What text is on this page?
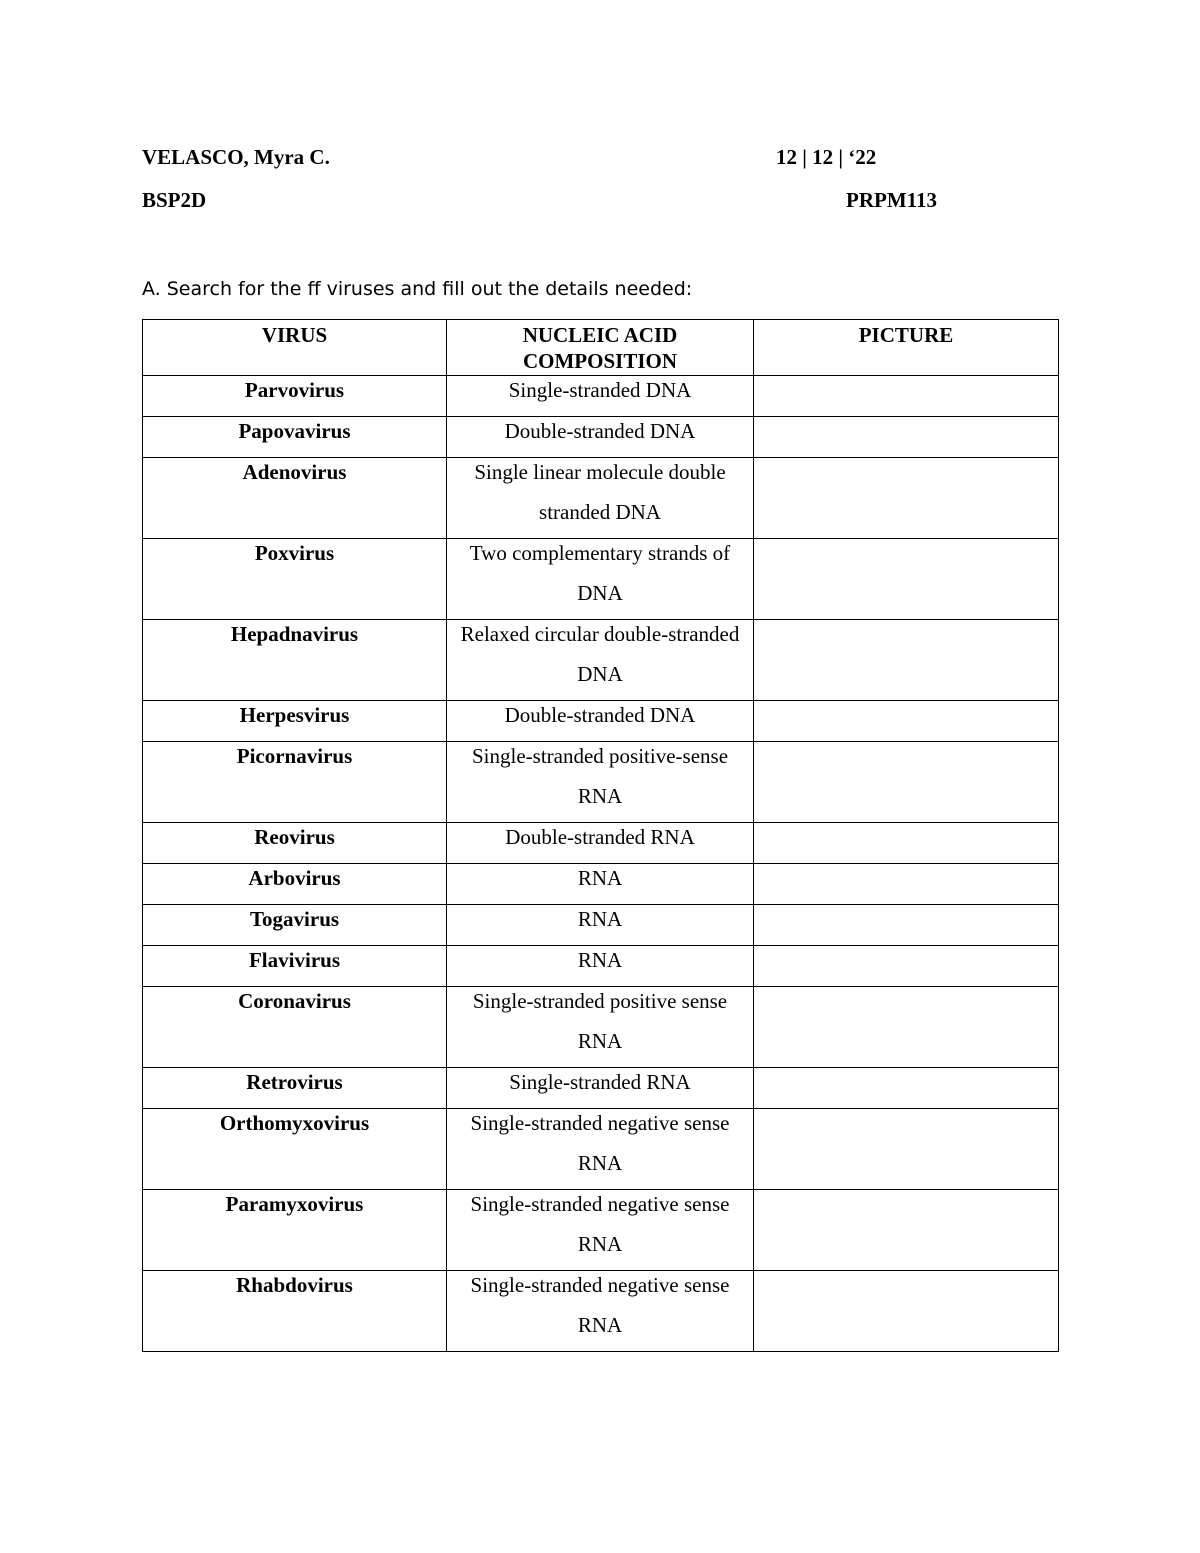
VELASCO, Myra C.	12 | 12 | ‘22
BSP2D	PRPM113
A. Search for the ff viruses and fill out the details needed:
VIRUS	NUCLEIC ACID COMPOSITION	PICTURE
Parvovirus	Single-stranded DNA	

Papovavirus	Double-stranded DNA	

Adenovirus	Single linear molecule double stranded DNA	

Poxvirus	Two complementary strands of DNA	

Hepadnavirus	Relaxed circular double-stranded DNA	

Herpesvirus	Double-stranded DNA	

Picornavirus	Single-stranded positive-sense RNA	

Reovirus	Double-stranded RNA	

Arbovirus	RNA	

Togavirus	RNA	

Flavivirus	RNA	

Coronavirus	Single-stranded positive sense RNA	

Retrovirus	Single-stranded RNA	

Orthomyxovirus	Single-stranded negative sense RNA	

Paramyxovirus	Single-stranded negative sense RNA	

Rhabdovirus	Single-stranded negative sense RNA	
